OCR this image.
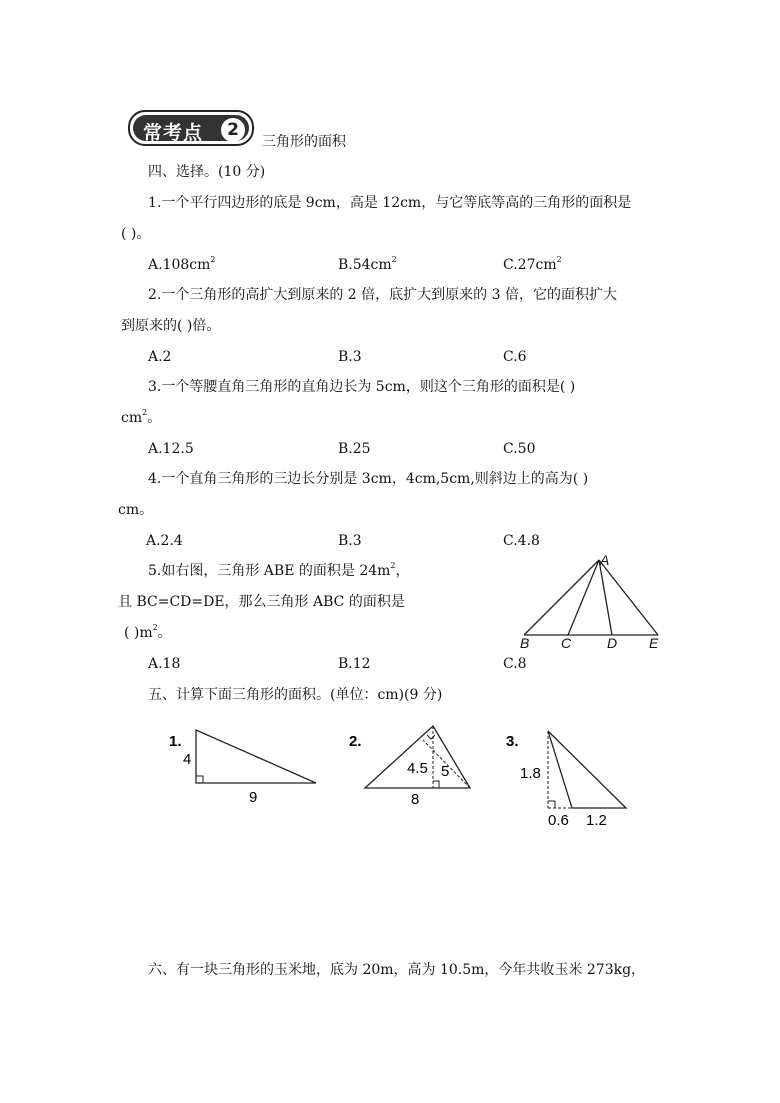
常考点	2
三角形的面积
四、选择。(10 分)
1.一个平行四边形的底是 9cm，高是 12cm，与它等底等高的三角形的面积是
( )。
$A.108cm^2$	$B.54cm^2$	$C.27cm^2$
2.一个三角形的高扩大到原来的 2 倍，底扩大到原来的 3 倍，它的面积扩大
到原来的( )倍。
A.2	B.3	C.6
3.一个等腰直角三角形的直角边长为 5cm，则这个三角形的面积是( )
$cm^2$。
A.12.5	B.25	C.50
4.一个直角三角形的三边长分别是 3cm，4cm,5cm,则斜边上的高为( )
cm。
A.2.4	B.3	C.4.8
5.如右图，三角形 ABE 的面积是 $24m^2$，
且 BC=CD=DE，那么三角形 ABC 的面积是
( )$m^2$。
A.18	B.12	C.8
A
B C	D E
五、计算下面三角形的面积。(单位：cm)(9 分)
1.
4
9
2.
4.5 5
8
3.
1.8
0.6 1.2
六、有一块三角形的玉米地，底为 20m，高为 10.5m，今年共收玉米 273kg，
